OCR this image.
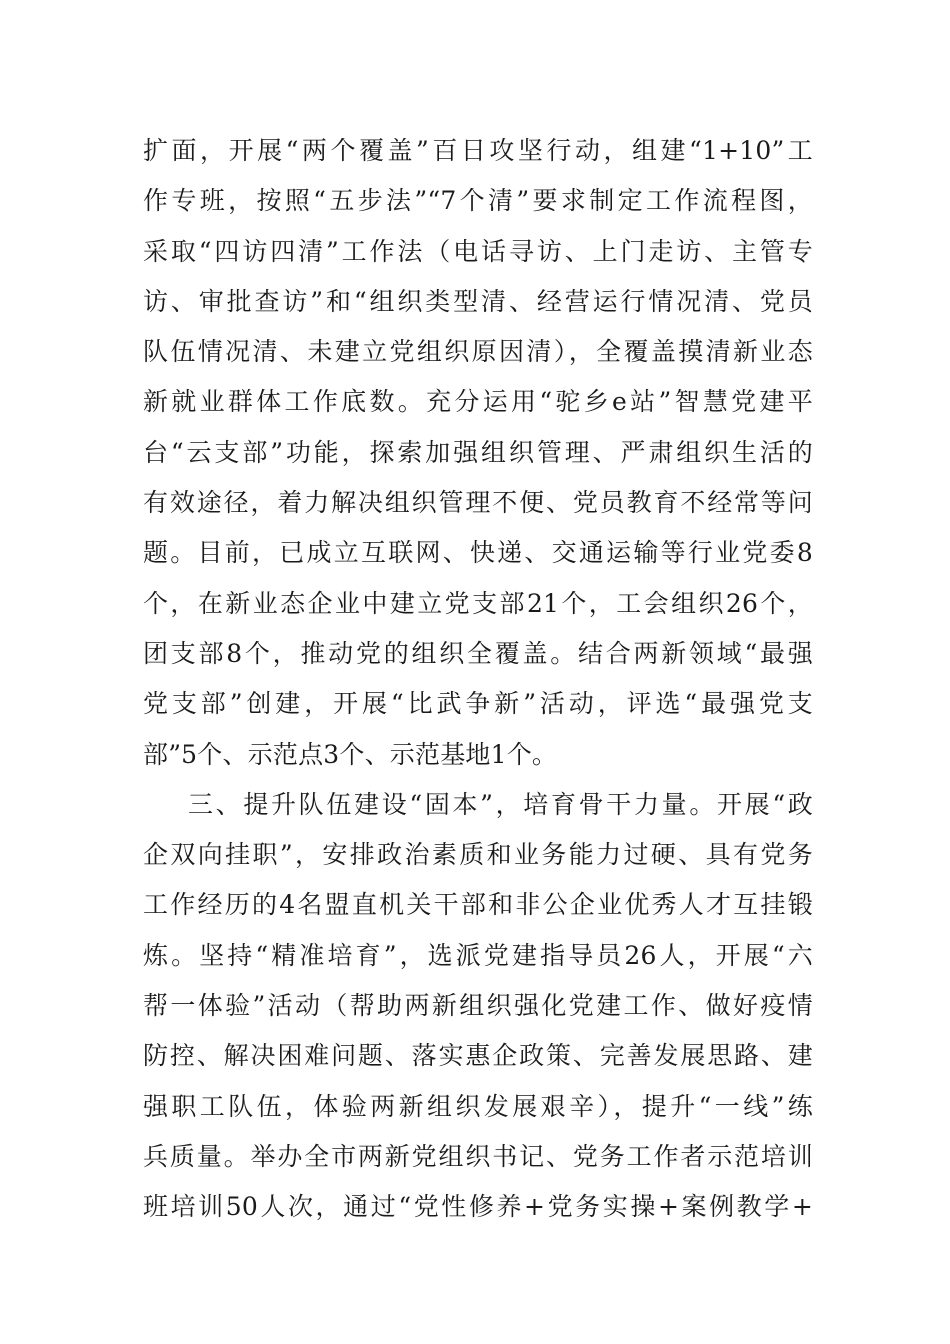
扩面，开展“两个覆盖”百日攻坚行动，组建“1+10”工
作专班，按照“五步法”“7个清”要求制定工作流程图，
采取“四访四清”工作法（电话寻访、上门走访、主管专
访、审批查访”和“组织类型清、经营运行情况清、党员
队伍情况清、未建立党组织原因清），全覆盖摸清新业态
新就业群体工作底数。充分运用“驼乡e站”智慧党建平
台“云支部”功能，探索加强组织管理、严肃组织生活的
有效途径，着力解决组织管理不便、党员教育不经常等问
题。目前，已成立互联网、快递、交通运输等行业党委8
个，在新业态企业中建立党支部21个，工会组织26个，
团支部8个，推动党的组织全覆盖。结合两新领域“最强
党支部”创建，开展“比武争新”活动，评选“最强党支
部”5个、示范点3个、示范基地1个。
三、提升队伍建设“固本”，培育骨干力量。开展“政
企双向挂职”，安排政治素质和业务能力过硬、具有党务
工作经历的4名盟直机关干部和非公企业优秀人才互挂锻
炼。坚持“精准培育”，选派党建指导员26人，开展“六
帮一体验”活动（帮助两新组织强化党建工作、做好疫情
防控、解决困难问题、落实惠企政策、完善发展思路、建
强职工队伍，体验两新组织发展艰辛），提升“一线”练
兵质量。举办全市两新党组织书记、党务工作者示范培训
班培训50人次，通过“党性修养+党务实操+案例教学+
